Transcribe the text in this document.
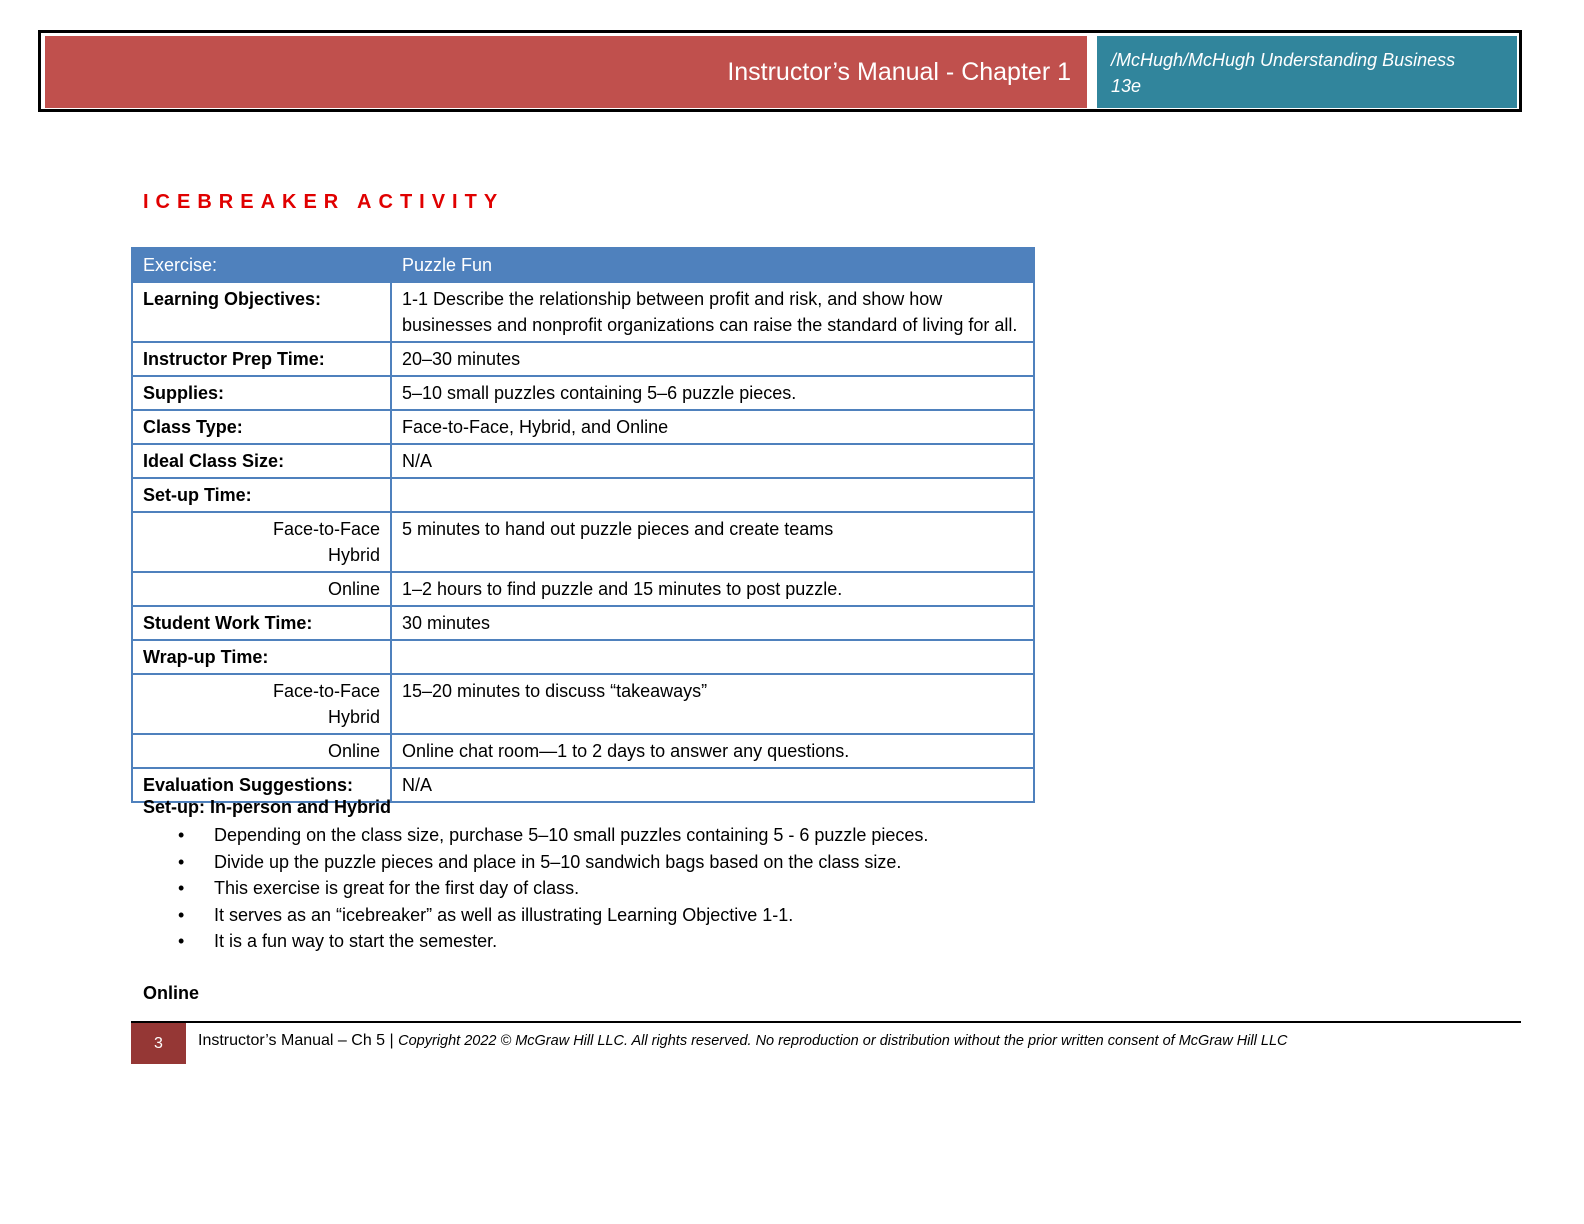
Instructor’s Manual - Chapter 1	/McHugh/McHugh Understanding Business
13e
ICEBREAKER ACTIVITY
Exercise:	Puzzle Fun
Learning Objectives:	1-1 Describe the relationship between profit and risk, and show how businesses and nonprofit organizations can raise the standard of living for all.
Instructor Prep Time:	20–30 minutes
Supplies:	5–10 small puzzles containing 5–6 puzzle pieces.
Class Type:	Face-to-Face, Hybrid, and Online
Ideal Class Size:	N/A
Set-up Time:	

Face-to-Face
Hybrid	5 minutes to hand out puzzle pieces and create teams
Online	1–2 hours to find puzzle and 15 minutes to post puzzle.
Student Work Time:	30 minutes
Wrap-up Time:	

Face-to-Face
Hybrid	15–20 minutes to discuss “takeaways”
Online	Online chat room—1 to 2 days to answer any questions.
Evaluation Suggestions:	N/A
Set-up: In-person and Hybrid
• Depending on the class size, purchase 5–10 small puzzles containing 5 - 6 puzzle pieces.
• Divide up the puzzle pieces and place in 5–10 sandwich bags based on the class size.
• This exercise is great for the first day of class.
• It serves as an “icebreaker” as well as illustrating Learning Objective 1-1.
• It is a fun way to start the semester.
Online
3	Instructor’s Manual – Ch 5 | Copyright 2022 © McGraw Hill LLC. All rights reserved. No reproduction or distribution without the prior written consent of McGraw Hill LLC
